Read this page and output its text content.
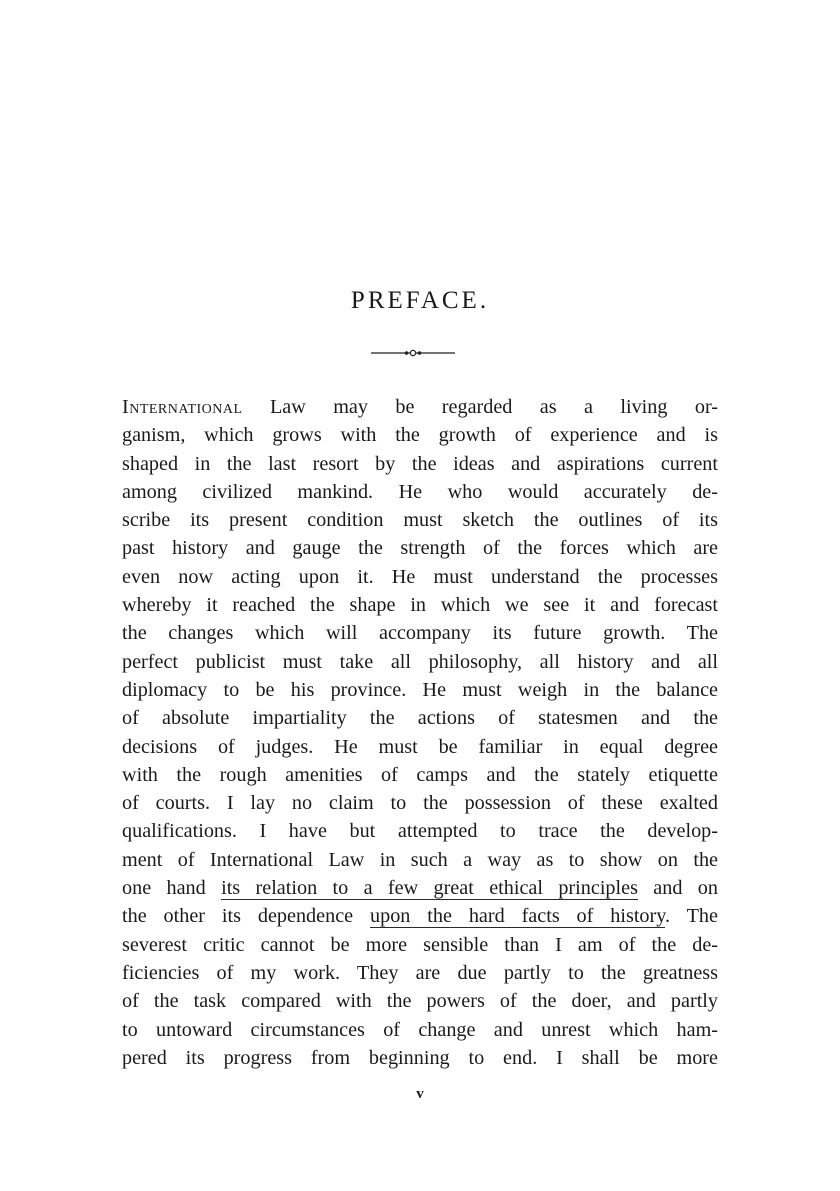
PREFACE.
International Law may be regarded as a living or-
ganism, which grows with the growth of experience and is
shaped in the last resort by the ideas and aspirations current
among civilized mankind. He who would accurately de-
scribe its present condition must sketch the outlines of its
past history and gauge the strength of the forces which are
even now acting upon it. He must understand the processes
whereby it reached the shape in which we see it and forecast
the changes which will accompany its future growth. The
perfect publicist must take all philosophy, all history and all
diplomacy to be his province. He must weigh in the balance
of absolute impartiality the actions of statesmen and the
decisions of judges. He must be familiar in equal degree
with the rough amenities of camps and the stately etiquette
of courts. I lay no claim to the possession of these exalted
qualifications. I have but attempted to trace the develop-
ment of International Law in such a way as to show on the
one hand its relation to a few great ethical principles and on
the other its dependence upon the hard facts of history. The
severest critic cannot be more sensible than I am of the de-
ficiencies of my work. They are due partly to the greatness
of the task compared with the powers of the doer, and partly
to untoward circumstances of change and unrest which ham-
pered its progress from beginning to end. I shall be more
v
